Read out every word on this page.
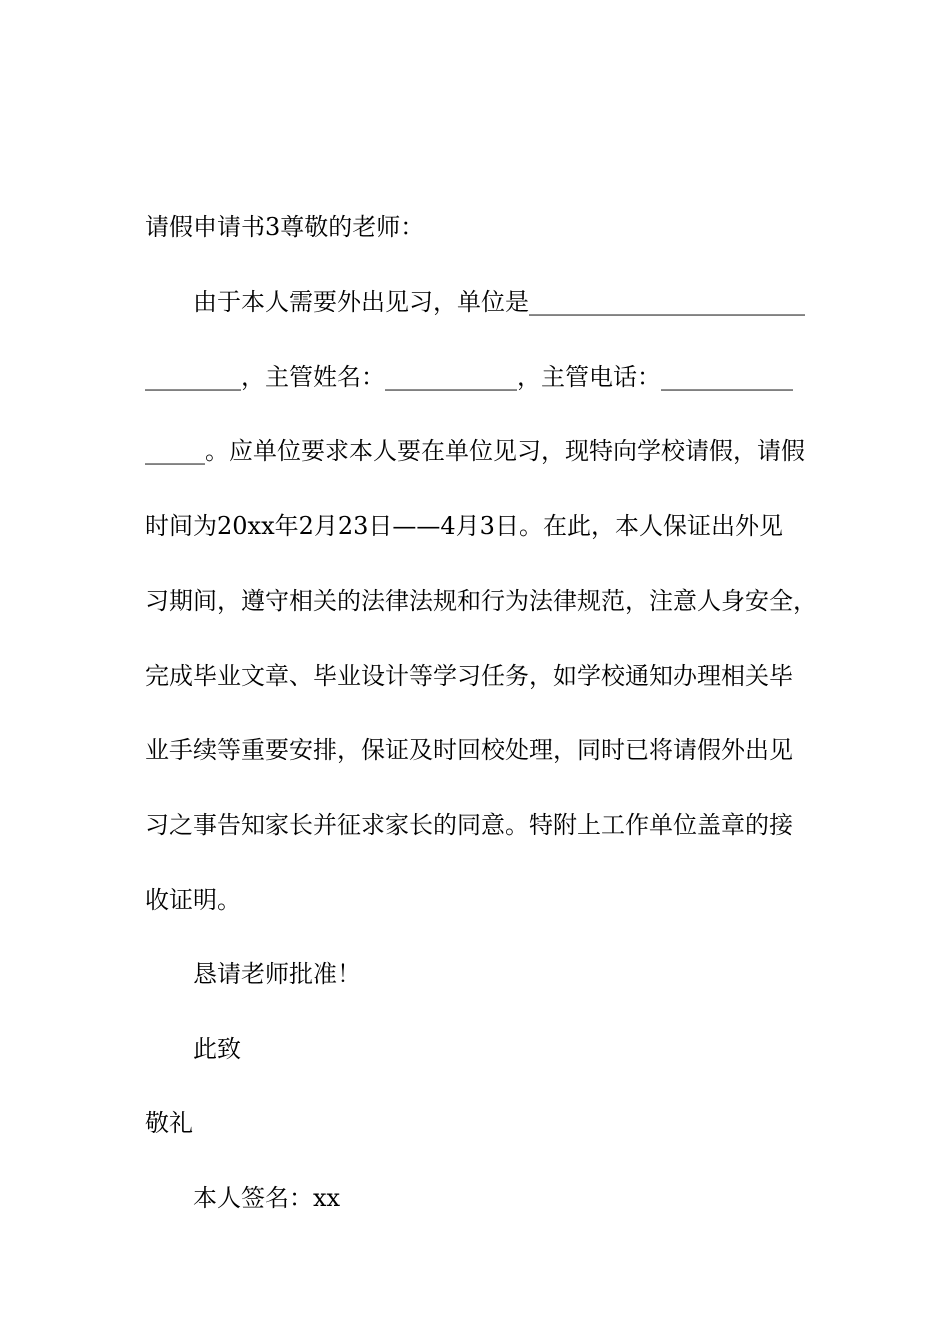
请假申请书3尊敬的老师：
由于本人需要外出见习，单位是_______________________
________，主管姓名：___________，主管电话：___________
_____。应单位要求本人要在单位见习，现特向学校请假，请假
时间为20xx年2月23日——4月3日。在此，本人保证出外见
习期间，遵守相关的法律法规和行为法律规范，注意人身安全，
完成毕业文章、毕业设计等学习任务，如学校通知办理相关毕
业手续等重要安排，保证及时回校处理，同时已将请假外出见
习之事告知家长并征求家长的同意。特附上工作单位盖章的接
收证明。
恳请老师批准！
此致
敬礼
本人签名：xx
